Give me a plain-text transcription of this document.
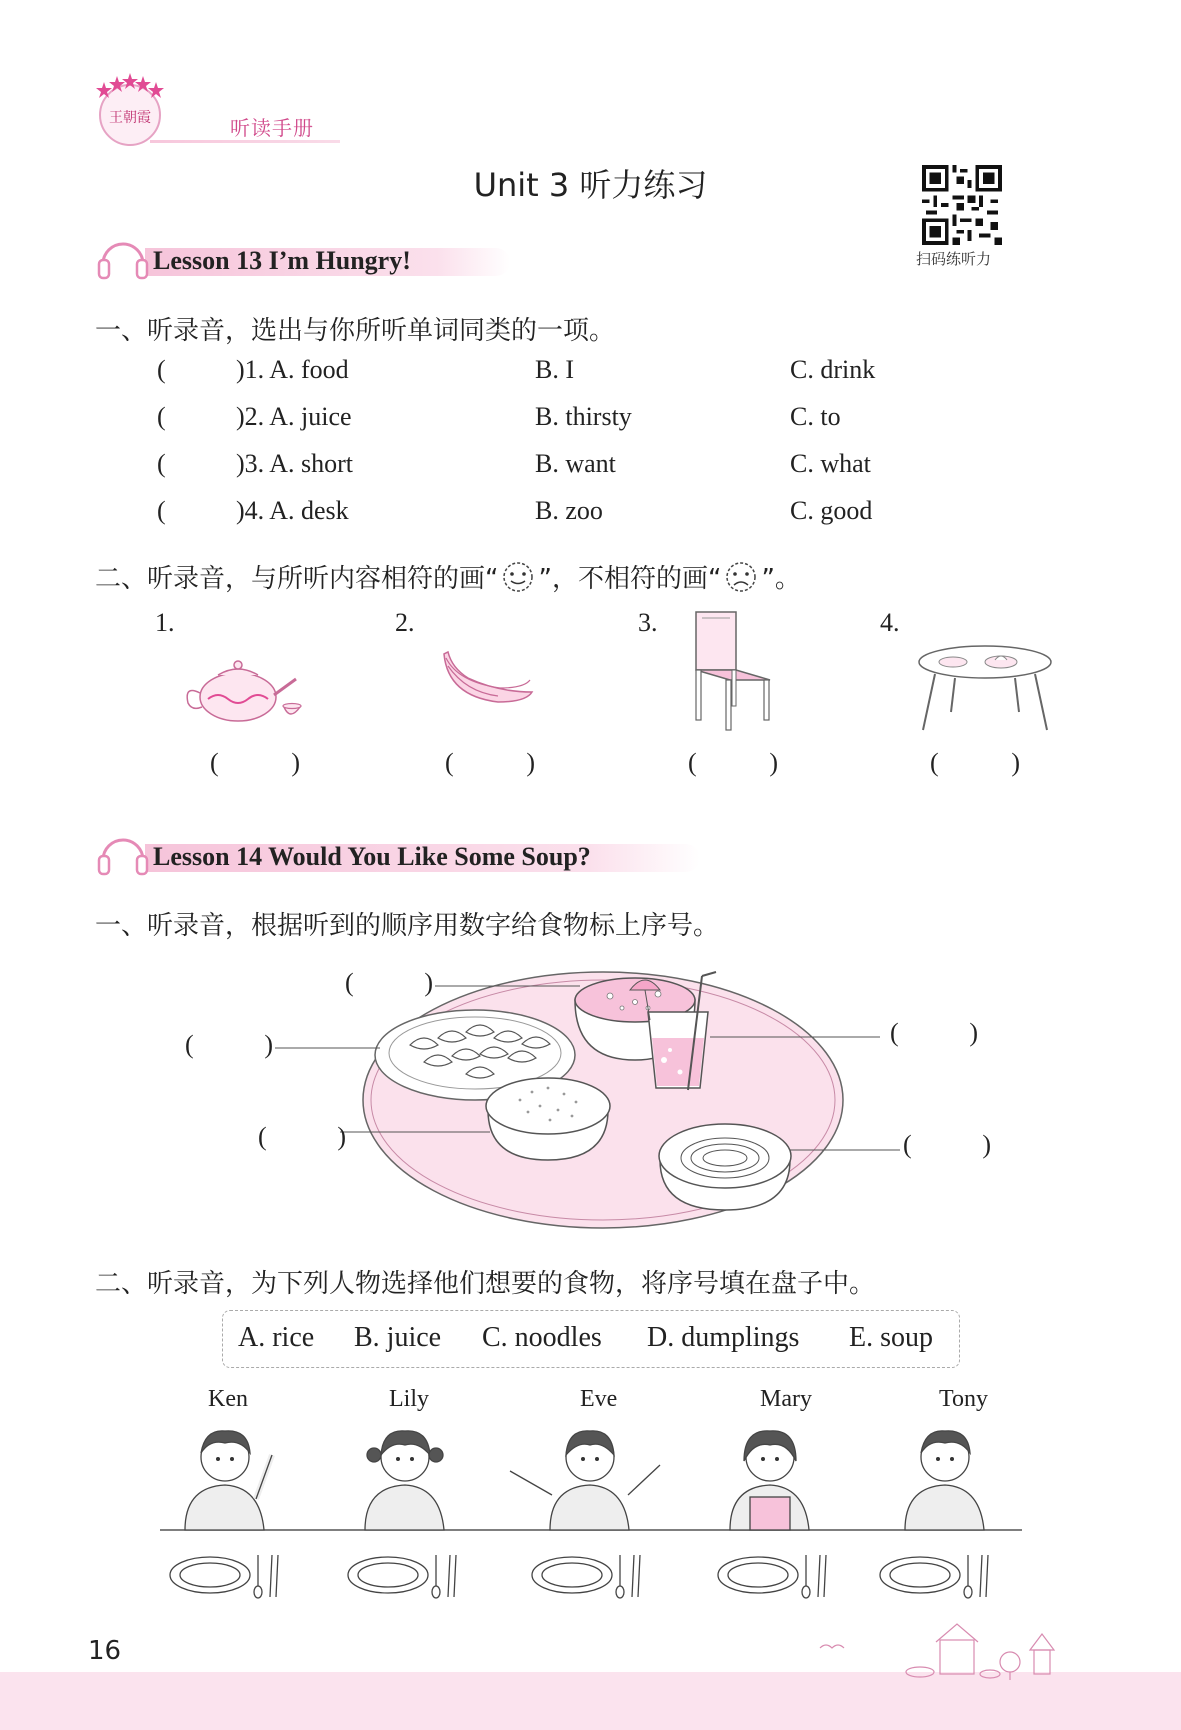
王朝霞	听读手册
Unit 3 听力练习
扫码练听力
Lesson 13 I’m Hungry!
一、听录音，选出与你所听单词同类的一项。
(	)1. A. food	B. I	C. drink
(	)2. A. juice	B. thirsty	C. to
(	)3. A. short	B. want	C. what
(	)4. A. desk	B. zoo	C. good
二、听录音，与所听内容相符的画“ ”，不相符的画“ ”。
1.	2.	3.	4.
(	)	(	)	(	)	(	)
Lesson 14 Would You Like Some Soup?
一、听录音，根据听到的顺序用数字给食物标上序号。
(	)
(	)	(	)
(	)	(	)
二、听录音，为下列人物选择他们想要的食物，将序号填在盘子中。
A. rice B. juice C. noodles D. dumplings E. soup
Ken	Lily	Eve	Mary	Tony
16
